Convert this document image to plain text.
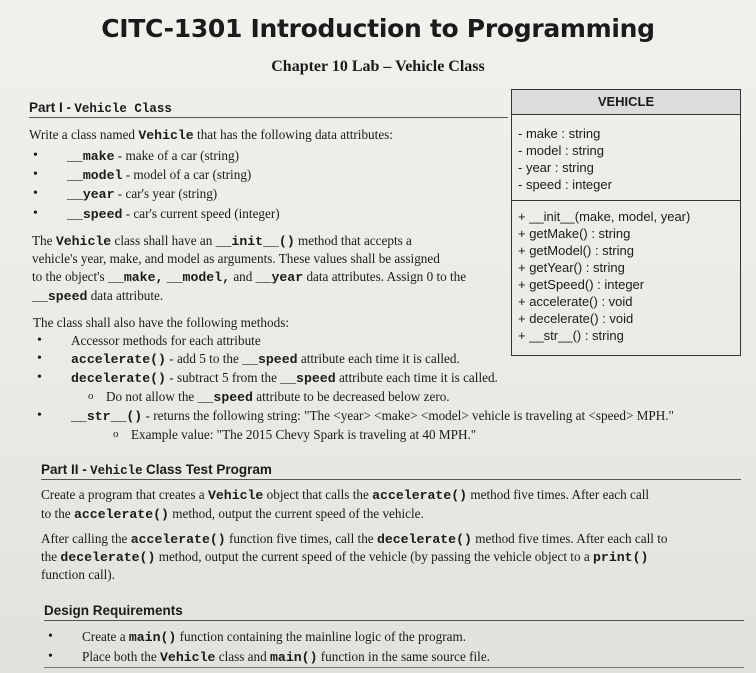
CITC-1301 Introduction to Programming
Chapter 10 Lab – Vehicle Class
Part I - Vehicle Class
Write a class named Vehicle that has the following data attributes:
• __make - make of a car (string)
• __model - model of a car (string)
• __year - car's year (string)
• __speed - car's current speed (integer)
The Vehicle class shall have an __init__() method that accepts a
vehicle's year, make, and model as arguments. These values shall be assigned
to the object's __make, __model, and __year data attributes. Assign 0 to the
__speed data attribute.
The class shall also have the following methods:
• Accessor methods for each attribute
• accelerate() - add 5 to the __speed attribute each time it is called.
• decelerate() - subtract 5 from the __speed attribute each time it is called.
o Do not allow the __speed attribute to be decreased below zero.
• __str__() - returns the following string: "The <year> <make> <model> vehicle is traveling at <speed> MPH."
o Example value: "The 2015 Chevy Spark is traveling at 40 MPH."
VEHICLE
- make : string
- model : string
- year : string
- speed : integer
+ __init__(make, model, year)
+ getMake() : string
+ getModel() : string
+ getYear() : string
+ getSpeed() : integer
+ accelerate() : void
+ decelerate() : void
+ __str__() : string
Part II - Vehicle Class Test Program
Create a program that creates a Vehicle object that calls the accelerate() method five times. After each call
to the accelerate() method, output the current speed of the vehicle.
After calling the accelerate() function five times, call the decelerate() method five times. After each call to
the decelerate() method, output the current speed of the vehicle (by passing the vehicle object to a print()
function call).
Design Requirements
• Create a main() function containing the mainline logic of the program.
• Place both the Vehicle class and main() function in the same source file.
